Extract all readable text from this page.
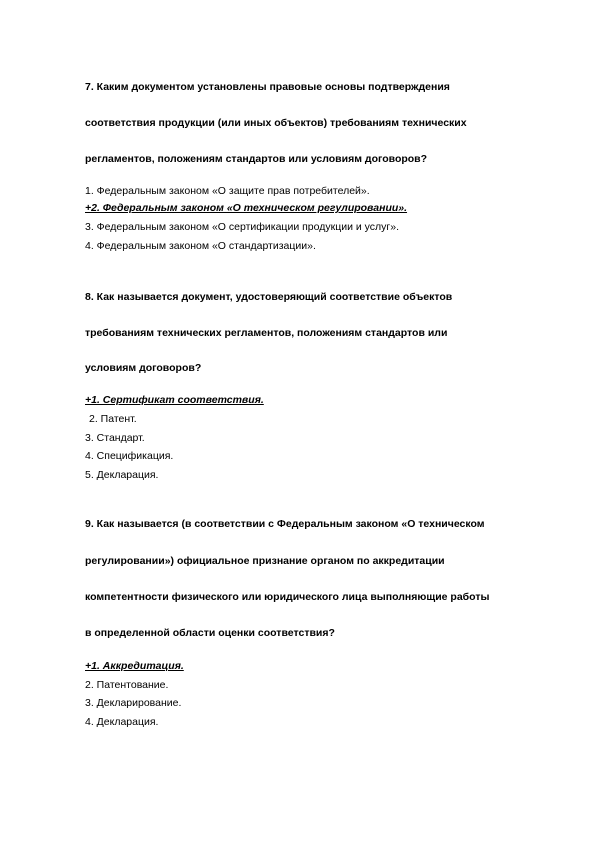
7. Каким документом установлены правовые основы подтверждения
соответствия продукции (или иных объектов) требованиям технических
регламентов, положениям стандартов или условиям договоров?
1. Федеральным законом «О защите прав потребителей».
+2. Федеральным законом «О техническом регулировании».
3. Федеральным законом «О сертификации продукции и услуг».
4. Федеральным законом «О стандартизации».
8. Как называется документ, удостоверяющий соответствие объектов
требованиям технических регламентов, положениям стандартов или
условиям договоров?
+1. Сертификат соответствия.
2. Патент.
3. Стандарт.
4. Спецификация.
5. Декларация.
9. Как называется (в соответствии с Федеральным законом «О техническом
регулировании») официальное признание органом по аккредитации
компетентности физического или юридического лица выполняющие работы
в определенной области оценки соответствия?
+1. Аккредитация.
2. Патентование.
3. Декларирование.
4. Декларация.
